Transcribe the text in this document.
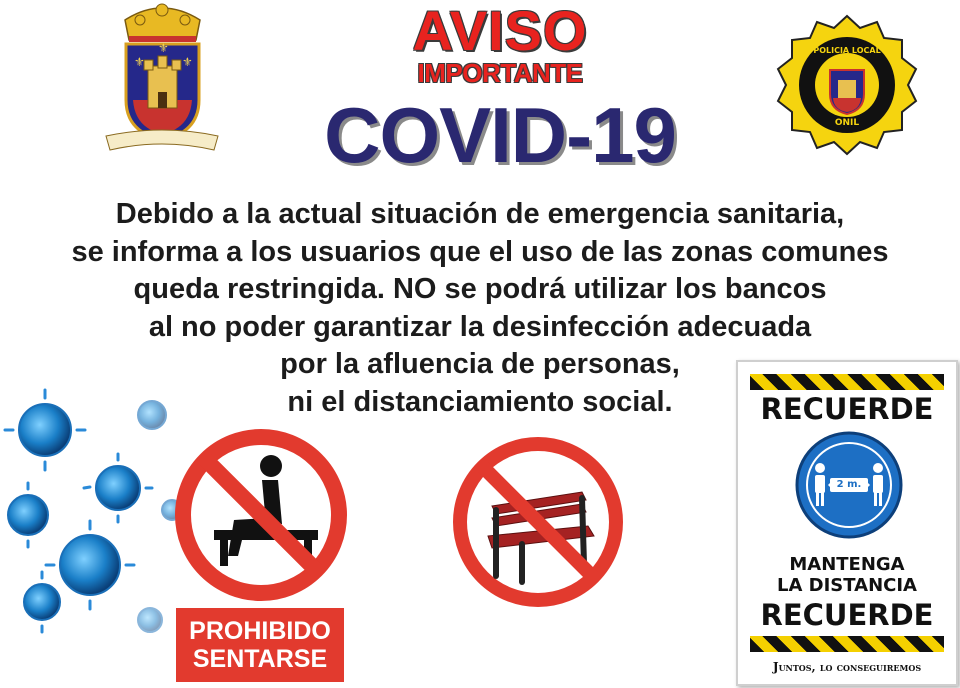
⚜	⚜
⚜	AVISO
IMPORTANTE
COVID-19
POLICIA LOCAL
ONIL
Debido a la actual situación de emergencia sanitaria,
se informa a los usuarios que el uso de las zonas comunes
queda restringida. NO se podrá utilizar los bancos
al no poder garantizar la desinfección adecuada
por la afluencia de personas,
ni el distanciamiento social.
PROHIBIDO
SENTARSE
RECUERDE
2 m.
MANTENGA
LA DISTANCIA
RECUERDE
Juntos, lo conseguiremos
